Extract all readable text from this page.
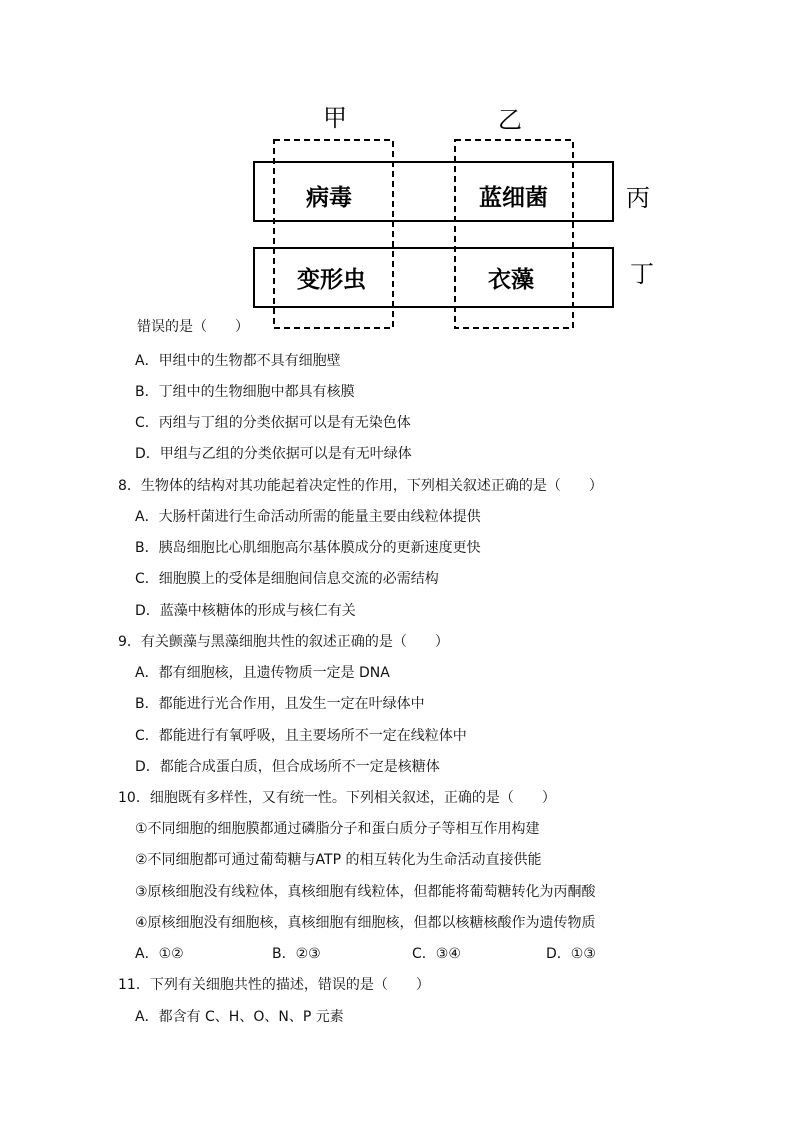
甲	乙
丙
丁
病毒	蓝细菌
变形虫	衣藻
错误的是（　　）
A．甲组中的生物都不具有细胞壁
B．丁组中的生物细胞中都具有核膜
C．丙组与丁组的分类依据可以是有无染色体
D．甲组与乙组的分类依据可以是有无叶绿体
8．生物体的结构对其功能起着决定性的作用，下列相关叙述正确的是（　　）
A．大肠杆菌进行生命活动所需的能量主要由线粒体提供
B．胰岛细胞比心肌细胞高尔基体膜成分的更新速度更快
C．细胞膜上的受体是细胞间信息交流的必需结构
D．蓝藻中核糖体的形成与核仁有关
9．有关颤藻与黑藻细胞共性的叙述正确的是（　　）
A．都有细胞核，且遗传物质一定是 DNA
B．都能进行光合作用，且发生一定在叶绿体中
C．都能进行有氧呼吸，且主要场所不一定在线粒体中
D．都能合成蛋白质，但合成场所不一定是核糖体
10．细胞既有多样性，又有统一性。下列相关叙述，正确的是（　　）
①不同细胞的细胞膜都通过磷脂分子和蛋白质分子等相互作用构建
②不同细胞都可通过葡萄糖与ATP 的相互转化为生命活动直接供能
③原核细胞没有线粒体，真核细胞有线粒体，但都能将葡萄糖转化为丙酮酸
④原核细胞没有细胞核，真核细胞有细胞核，但都以核糖核酸作为遗传物质
A．①②	B．②③	C．③④	D．①③
11．下列有关细胞共性的描述，错误的是（　　）
A．都含有 C、H、O、N、P 元素
